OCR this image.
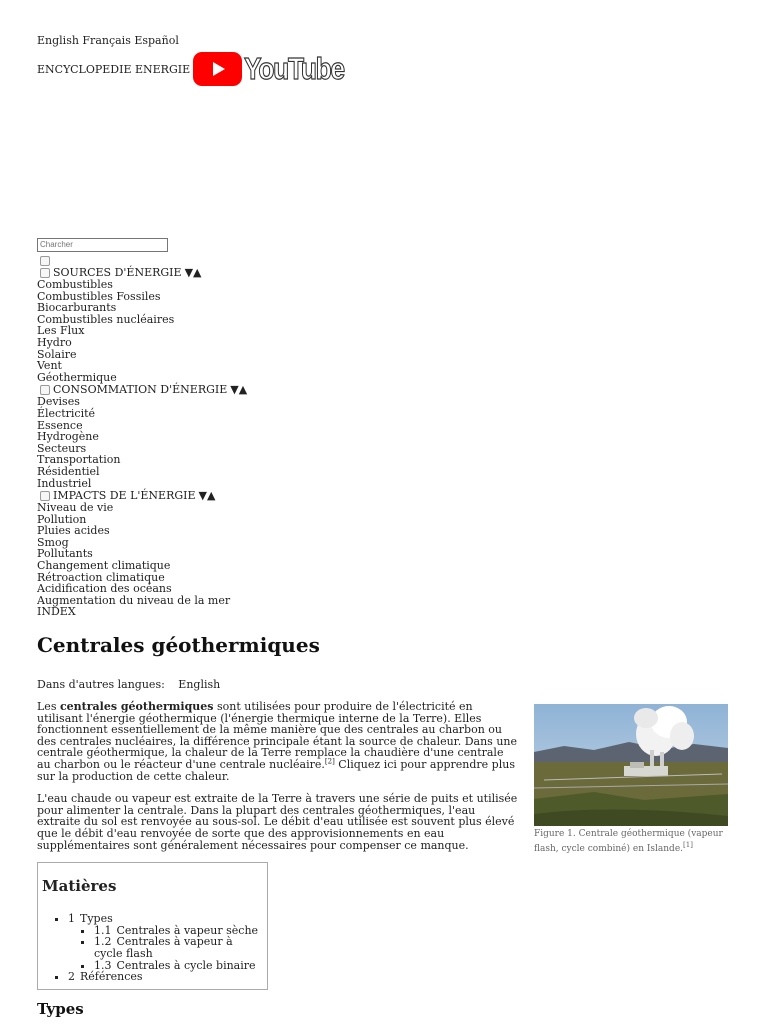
English Français Español
ENCYCLOPEDIE ENERGIE YouTube
Charcher
SOURCES D'ÉNERGIE ▼▲
Combustibles
Combustibles Fossiles
Biocarburants
Combustibles nucléaires
Les Flux
Hydro
Solaire
Vent
Géothermique
CONSOMMATION D'ÉNERGIE ▼▲
Devises
Électricité
Essence
Hydrogène
Secteurs
Transportation
Résidentiel
Industriel
IMPACTS DE L'ÉNERGIE ▼▲
Niveau de vie
Pollution
Pluies acides
Smog
Pollutants
Changement climatique
Rétroaction climatique
Acidification des océans
Augmentation du niveau de la mer
INDEX
Centrales géothermiques
Dans d'autres langues: English
Figure 1. Centrale géothermique (vapeur flash, cycle combiné) en Islande.[1]

Les centrales géothermiques sont utilisées pour produire de l'électricité en utilisant l'énergie géothermique (l'énergie thermique interne de la Terre). Elles fonctionnent essentiellement de la même manière que des centrales au charbon ou des centrales nucléaires, la différence principale étant la source de chaleur. Dans une centrale géothermique, la chaleur de la Terre remplace la chaudière d'une centrale au charbon ou le réacteur d'une centrale nucléaire.[2] Cliquez ici pour apprendre plus sur la production de cette chaleur.

L'eau chaude ou vapeur est extraite de la Terre à travers une série de puits et utilisée pour alimenter la centrale. Dans la plupart des centrales géothermiques, l'eau extraite du sol est renvoyée au sous-sol. Le débit d'eau utilisée est souvent plus élevé que le débit d'eau renvoyée de sorte que des approvisionnements en eau supplémentaires sont généralement nécessaires pour compenser ce manque.

Matières
▪ 1 Types
▪ 1.1 Centrales à vapeur sèche
▪ 1.2 Centrales à vapeur à cycle flash
▪ 1.3 Centrales à cycle binaire
▪ 2 Références
Types
